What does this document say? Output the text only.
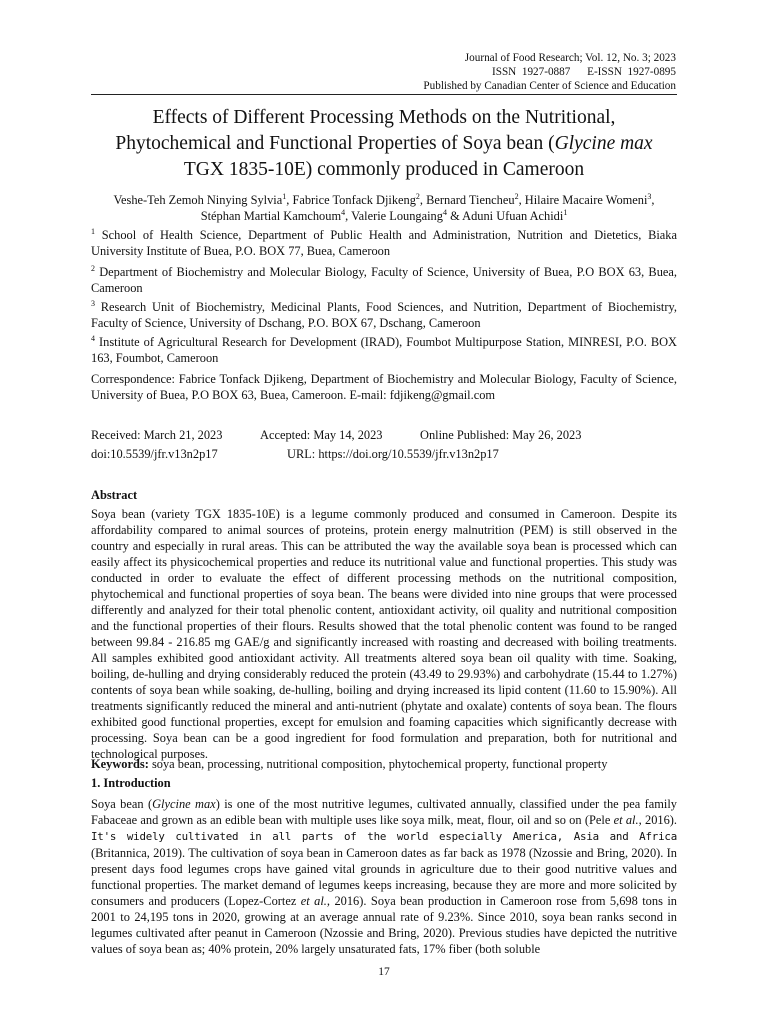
Journal of Food Research; Vol. 12, No. 3; 2023
ISSN  1927-0887      E-ISSN  1927-0895
Published by Canadian Center of Science and Education
Effects of Different Processing Methods on the Nutritional,
Phytochemical and Functional Properties of Soya bean (Glycine max
TGX 1835-10E) commonly produced in Cameroon
Veshe-Teh Zemoh Ninying Sylvia$^1$, Fabrice Tonfack Djikeng$^2$, Bernard Tiencheu$^2$, Hilaire Macaire Womeni$^3$,
Stéphan Martial Kamchoum$^4$, Valerie Loungaing$^4$ & Aduni Ufuan Achidi$^1$

$^1$ School of Health Science, Department of Public Health and Administration, Nutrition and Dietetics, Biaka University Institute of Buea, P.O. BOX 77, Buea, Cameroon

$^2$ Department of Biochemistry and Molecular Biology, Faculty of Science, University of Buea, P.O BOX 63, Buea, Cameroon

$^3$ Research Unit of Biochemistry, Medicinal Plants, Food Sciences, and Nutrition, Department of Biochemistry, Faculty of Science, University of Dschang, P.O. BOX 67, Dschang, Cameroon

$^4$ Institute of Agricultural Research for Development (IRAD), Foumbot Multipurpose Station, MINRESI, P.O. BOX 163, Foumbot, Cameroon

Correspondence: Fabrice Tonfack Djikeng, Department of Biochemistry and Molecular Biology, Faculty of Science, University of Buea, P.O BOX 63, Buea, Cameroon. E-mail: fdjikeng@gmail.com

Received: March 21, 2023	Accepted: May 14, 2023	Online Published: May 26, 2023
doi:10.5539/jfr.v13n2p17	URL: https://doi.org/10.5539/jfr.v13n2p17

Abstract

Soya bean (variety TGX 1835-10E) is a legume commonly produced and consumed in Cameroon. Despite its affordability compared to animal sources of proteins, protein energy malnutrition (PEM) is still observed in the country and especially in rural areas. This can be attributed the way the available soya bean is processed which can easily affect its physicochemical properties and reduce its nutritional value and functional properties. This study was conducted in order to evaluate the effect of different processing methods on the nutritional composition, phytochemical and functional properties of soya bean. The beans were divided into nine groups that were processed differently and analyzed for their total phenolic content, antioxidant activity, oil quality and nutritional composition and the functional properties of their flours. Results showed that the total phenolic content was found to be ranged between 99.84 - 216.85 mg GAE/g and significantly increased with roasting and decreased with boiling treatments. All samples exhibited good antioxidant activity. All treatments altered soya bean oil quality with time. Soaking, boiling, de-hulling and drying considerably reduced the protein (43.49 to 29.93%) and carbohydrate (15.44 to 1.27%) contents of soya bean while soaking, de-hulling, boiling and drying increased its lipid content (11.60 to 15.90%). All treatments significantly reduced the mineral and anti-nutrient (phytate and oxalate) contents of soya bean. The flours exhibited good functional properties, except for emulsion and foaming capacities which significantly decrease with processing. Soya bean can be a good ingredient for food formulation and preparation, both for nutritional and technological purposes.

Keywords: soya bean, processing, nutritional composition, phytochemical property, functional property

1. Introduction

Soya bean (Glycine max) is one of the most nutritive legumes, cultivated annually, classified under the pea family Fabaceae and grown as an edible bean with multiple uses like soya milk, meat, flour, oil and so on (Pele et al., 2016). It's widely cultivated in all parts of the world especially America, Asia and Africa (Britannica, 2019). The cultivation of soya bean in Cameroon dates as far back as 1978 (Nzossie and Bring, 2020). In present days food legumes crops have gained vital grounds in agriculture due to their good nutritive values and functional properties. The market demand of legumes keeps increasing, because they are more and more solicited by consumers and producers (Lopez-Cortez et al., 2016). Soya bean production in Cameroon rose from 5,698 tons in 2001 to 24,195 tons in 2020, growing at an average annual rate of 9.23%. Since 2010, soya bean ranks second in legumes cultivated after peanut in Cameroon (Nzossie and Bring, 2020). Previous studies have depicted the nutritive values of soya bean as; 40% protein, 20% largely unsaturated fats, 17% fiber (both soluble

17
